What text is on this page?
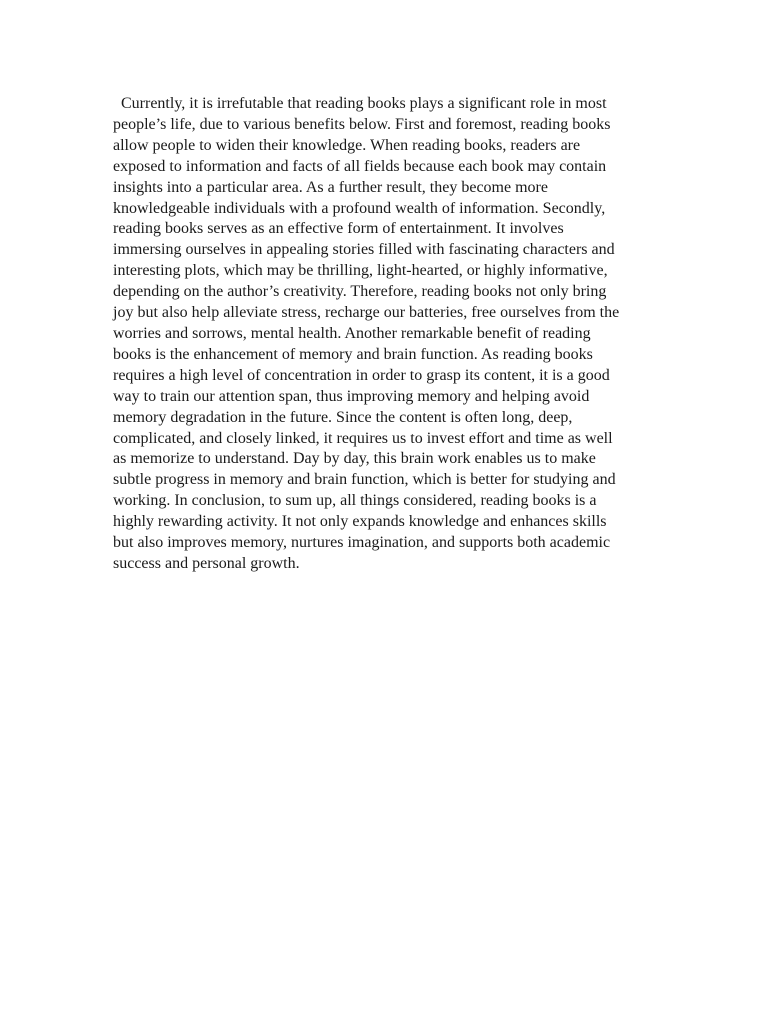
Currently, it is irrefutable that reading books plays a significant role in most
people’s life, due to various benefits below. First and foremost, reading books
allow people to widen their knowledge. When reading books, readers are
exposed to information and facts of all fields because each book may contain
insights into a particular area. As a further result, they become more
knowledgeable individuals with a profound wealth of information. Secondly,
reading books serves as an effective form of entertainment. It involves
immersing ourselves in appealing stories filled with fascinating characters and
interesting plots, which may be thrilling, light-hearted, or highly informative,
depending on the author’s creativity. Therefore, reading books not only bring
joy but also help alleviate stress, recharge our batteries, free ourselves from the
worries and sorrows, mental health. Another remarkable benefit of reading
books is the enhancement of memory and brain function. As reading books
requires a high level of concentration in order to grasp its content, it is a good
way to train our attention span, thus improving memory and helping avoid
memory degradation in the future. Since the content is often long, deep,
complicated, and closely linked, it requires us to invest effort and time as well
as memorize to understand. Day by day, this brain work enables us to make
subtle progress in memory and brain function, which is better for studying and
working. In conclusion, to sum up, all things considered, reading books is a
highly rewarding activity. It not only expands knowledge and enhances skills
but also improves memory, nurtures imagination, and supports both academic
success and personal growth.
